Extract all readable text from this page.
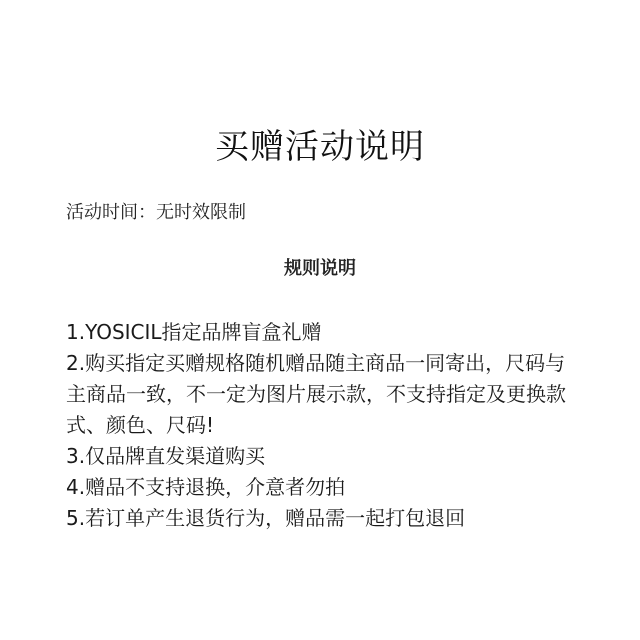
买赠活动说明
活动时间：无时效限制
规则说明
1.YOSICIL指定品牌盲盒礼赠
2.购买指定买赠规格随机赠品随主商品一同寄出，尺码与
主商品一致，不一定为图片展示款，不支持指定及更换款
式、颜色、尺码!
3.仅品牌直发渠道购买
4.赠品不支持退换，介意者勿拍
5.若订单产生退货行为，赠品需一起打包退回
